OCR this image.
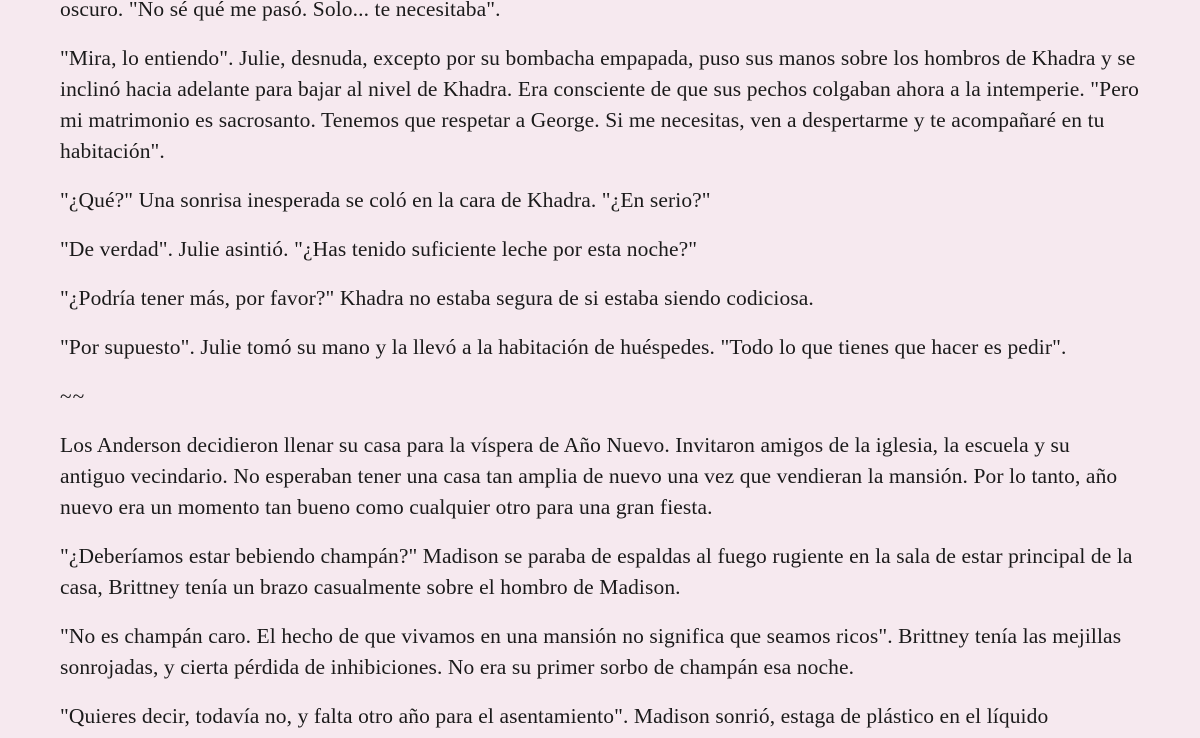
oscuro. "No sé qué me pasó. Solo... te necesitaba".

"Mira, lo entiendo". Julie, desnuda, excepto por su bombacha empapada, puso sus manos sobre los hombros de Khadra y se inclinó hacia adelante para bajar al nivel de Khadra. Era consciente de que sus pechos colgaban ahora a la intemperie. "Pero mi matrimonio es sacrosanto. Tenemos que respetar a George. Si me necesitas, ven a despertarme y te acompañaré en tu habitación".

"¿Qué?" Una sonrisa inesperada se coló en la cara de Khadra. "¿En serio?"

"De verdad". Julie asintió. "¿Has tenido suficiente leche por esta noche?"

"¿Podría tener más, por favor?" Khadra no estaba segura de si estaba siendo codiciosa.

"Por supuesto". Julie tomó su mano y la llevó a la habitación de huéspedes. "Todo lo que tienes que hacer es pedir".

~~

Los Anderson decidieron llenar su casa para la víspera de Año Nuevo. Invitaron amigos de la iglesia, la escuela y su antiguo vecindario. No esperaban tener una casa tan amplia de nuevo una vez que vendieran la mansión. Por lo tanto, año nuevo era un momento tan bueno como cualquier otro para una gran fiesta.

"¿Deberíamos estar bebiendo champán?" Madison se paraba de espaldas al fuego rugiente en la sala de estar principal de la casa, Brittney tenía un brazo casualmente sobre el hombro de Madison.

"No es champán caro. El hecho de que vivamos en una mansión no significa que seamos ricos". Brittney tenía las mejillas sonrojadas, y cierta pérdida de inhibiciones. No era su primer sorbo de champán esa noche.

"Quieres decir, todavía no, y falta otro año para el asentamiento". Madison sonrió, estaga de plástico en el líquido
